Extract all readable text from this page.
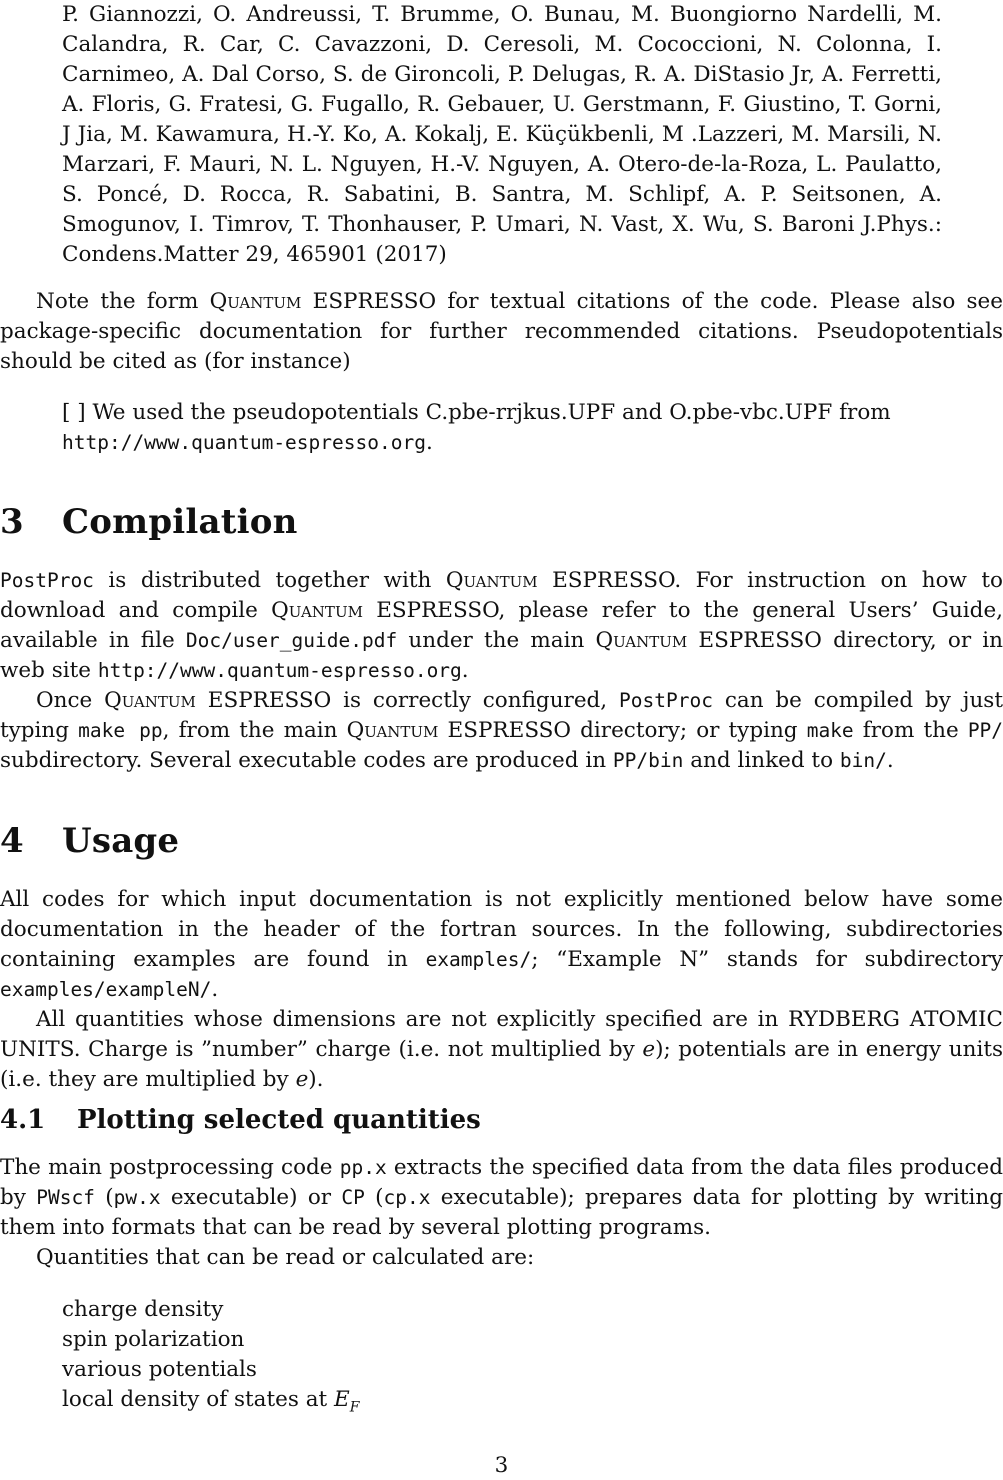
P. Giannozzi, O. Andreussi, T. Brumme, O. Bunau, M. Buongiorno Nardelli, M. Calandra, R. Car, C. Cavazzoni, D. Ceresoli, M. Cococcioni, N. Colonna, I. Carnimeo, A. Dal Corso, S. de Gironcoli, P. Delugas, R. A. DiStasio Jr, A. Ferretti, A. Floris, G. Fratesi, G. Fugallo, R. Gebauer, U. Gerstmann, F. Giustino, T. Gorni, J Jia, M. Kawamura, H.-Y. Ko, A. Kokalj, E. Küçükbenli, M .Lazzeri, M. Marsili, N. Marzari, F. Mauri, N. L. Nguyen, H.-V. Nguyen, A. Otero-de-la-Roza, L. Paulatto, S. Poncé, D. Rocca, R. Sabatini, B. Santra, M. Schlipf, A. P. Seitsonen, A. Smogunov, I. Timrov, T. Thonhauser, P. Umari, N. Vast, X. Wu, S. Baroni J.Phys.: Condens.Matter 29, 465901 (2017)

Note the form Quantum ESPRESSO for textual citations of the code. Please also see package-specific documentation for further recommended citations. Pseudopotentials should be cited as (for instance)

[ ] We used the pseudopotentials C.pbe-rrjkus.UPF and O.pbe-vbc.UPF from
http://www.quantum-espresso.org.

3 Compilation

PostProc is distributed together with Quantum ESPRESSO. For instruction on how to download and compile Quantum ESPRESSO, please refer to the general Users’ Guide, available in file Doc/user_guide.pdf under the main Quantum ESPRESSO directory, or in web site http://www.quantum-espresso.org.

Once Quantum ESPRESSO is correctly configured, PostProc can be compiled by just typing make pp, from the main Quantum ESPRESSO directory; or typing make from the PP/ subdirectory. Several executable codes are produced in PP/bin and linked to bin/.

4 Usage

All codes for which input documentation is not explicitly mentioned below have some documentation in the header of the fortran sources. In the following, subdirectories containing examples are found in examples/; “Example N” stands for subdirectory examples/exampleN/.

All quantities whose dimensions are not explicitly specified are in RYDBERG ATOMIC UNITS. Charge is ”number” charge (i.e. not multiplied by e); potentials are in energy units (i.e. they are multiplied by e).

4.1 Plotting selected quantities

The main postprocessing code pp.x extracts the specified data from the data files produced by PWscf (pw.x executable) or CP (cp.x executable); prepares data for plotting by writing them into formats that can be read by several plotting programs.

Quantities that can be read or calculated are:

charge density
spin polarization
various potentials
local density of states at $E_F$
3
